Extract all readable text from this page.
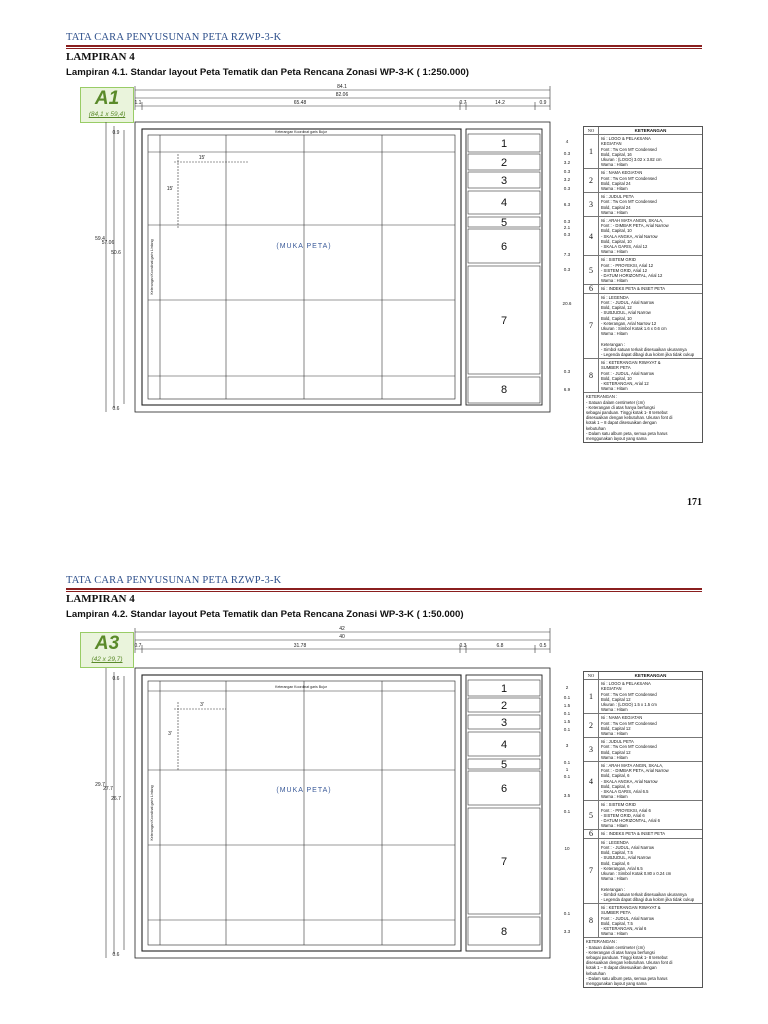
TATA CARA PENYUSUNAN PETA RZWP-3-K
LAMPIRAN 4
Lampiran 4.1. Standar layout Peta Tematik dan Peta Rencana Zonasi WP-3-K ( 1:250.000)
A1
(84,1 x 59,4)
84.1
82.06
1.1	65.48	0.7	14.2	0.9
59.4
57.06
50.6
0.9
0.6
15'
15'
Keterangan Koordinat garis Bujur
(MUKA PETA)
Keterangan Koordinat garis Lintang
1
2
3
4
5
6
7
8
4
0.3
3.2
0.3
3.2
0.3
6.3
0.3
2.1
0.3
7.3
0.3
20.6
0.3
6.9
NO	KETERANGAN
1
Isi : LOGO & PELAKSANA
KEGIATAN
Font : Tw Cen MT Condensed
Bold, Capital, 16
Ukuran : (LOGO) 3.02 x 3.82 cm
Warna : Hitam
2
Isi : NAMA KEGIATAN
Font : Tw Cen MT Condensed
Bold, Capital 24
Warna : Hitam
3
Isi : JUDUL PETA
Font : Tw Cen MT Condensed
Bold, Capital 24
Warna : Hitam
4
Isi : ARAH MATA ANGIN, SKALA,
Font : - DIMBAR PETA, Arial Narrow
Bold, Capital, 10
- SKALA ANGKA, Arial Narrow
Bold, Capital, 10
- SKALA GARIS, Arial 12
Warna : Hitam
5
Isi : SISTEM GRID
Font : - PROYEKSI, Arial 12
- SISTEM GRID, Arial 12
- DATUM HORIZONTAL, Arial 12
Warna : Hitam
6	Isi : INDEKS PETA & INSET PETA
7
Isi : LEGENDA
Font : - JUDUL, Arial Narrow
Bold, Capital, 12
- SUBJUDUL, Arial Narrow
Bold, Capital, 10
- Keterangan, Arial Narrow 12
Ukuran : Simbol Kotak 1.6 x 0.6 cm
Warna : Hitam

Keterangan :
- Simbol satuan terkait disesuaikan ukurannya
- Legenda dapat dibagi dua kolom jika tidak cukup
8
Isi : KETERANGAN RIWAYAT &
SUMBER PETA
Font : - JUDUL, Arial Narrow
Bold, Capital, 10
- KETERANGAN, Arial 12
Warna : Hitam
KETERANGAN :
- Satuan dalam centimeter (cm)
- Keterangan di atas hanya berfungsi
sebagai panduan. Tinggi kotak 1- 8 tersebut
disesuaikan dengan kebutuhan. Ukuran font di
kotak 1 – 8 dapat disesuaikan dengan
kebutuhan
- Dalam satu album peta, semua peta harus
menggunakan layout yang sama
171
TATA CARA PENYUSUNAN PETA RZWP-3-K
LAMPIRAN 4
Lampiran 4.2. Standar layout Peta Tematik dan Peta Rencana Zonasi WP-3-K ( 1:50.000)
A3
(42 x 29,7)
42
40
0.7	31.78	0.3	6.8	0.5
29.7
27.7
26.7
0.6
0.6
3'
3'
Keterangan Koordinat garis Bujur
(MUKA PETA)
Keterangan Koordinat garis Lintang
1
2
3
4
5
6
7
8
2
0.1
1.5
0.1
1.5
0.1
3
0.1
1
0.1
3.5
0.1
10
0.1
3.3
NO	KETERANGAN
1
Isi : LOGO & PELAKSANA
KEGIATAN
Font : Tw Cen MT Condensed
Bold, Capital 12
Ukuran : (LOGO) 1.5 x 1.5 cm
Warna : Hitam
2
Isi : NAMA KEGIATAN
Font : Tw Cen MT Condensed
Bold, Capital 12
Warna : Hitam
3
Isi : JUDUL PETA
Font : Tw Cen MT Condensed
Bold, Capital 12
Warna : Hitam
4
Isi : ARAH MATA ANGIN, SKALA,
Font : - DIMBAR PETA, Arial Narrow
Bold, Capital, 6
- SKALA ANGKA, Arial Narrow
Bold, Capital, 6
- SKALA GARIS, Arial 6.5
Warna : Hitam
5
Isi : SISTEM GRID
Font : - PROYEKSI, Arial 6
- SISTEM GRID, Arial 6
- DATUM HORIZONTAL, Arial 6
Warna : Hitam
6	Isi : INDEKS PETA & INSET PETA
7
Isi : LEGENDA
Font : - JUDUL, Arial Narrow
Bold, Capital, 7.5
- SUBJUDUL, Arial Narrow
Bold, Capital, 6
- Keterangan, Arial 6.5
Ukuran : Simbol Kotak 0.80 x 0.24 cm
Warna : Hitam

Keterangan :
- Simbol satuan terkait disesuaikan ukurannya
- Legenda dapat dibagi dua kolom jika tidak cukup
8
Isi : KETERANGAN RIWAYAT &
SUMBER PETA
Font : - JUDUL, Arial Narrow
Bold, Capital, 7.5
- KETERANGAN, Arial 6
Warna : Hitam
KETERANGAN :
- Satuan dalam centimeter (cm)
- Keterangan di atas hanya berfungsi
sebagai panduan. Tinggi kotak 1- 8 tersebut
disesuaikan dengan kebutuhan. Ukuran font di
kotak 1 – 8 dapat disesuaikan dengan
kebutuhan
- Dalam satu album peta, semua peta harus
menggunakan layout yang sama
